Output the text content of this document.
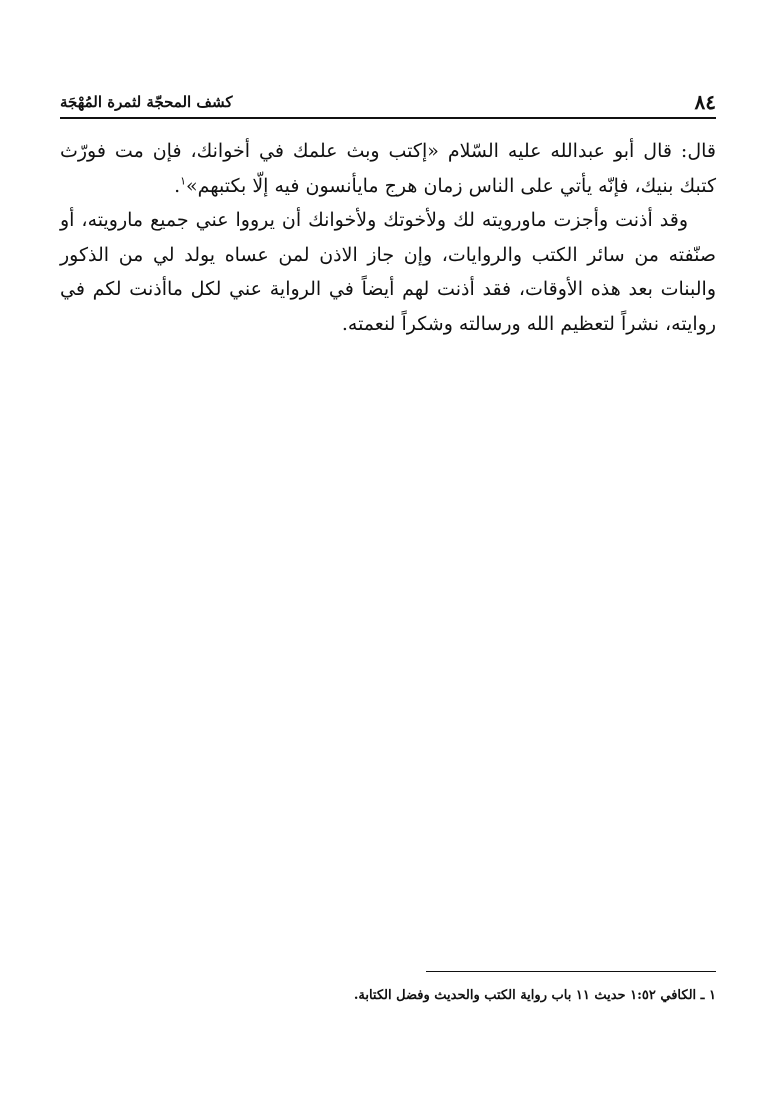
٨٤
كشف المحجّة لثمرة المُهْجَة

قال: قال أبو عبدالله عليه السّلام «إكتب وبث علمك في أخوانك، فإن مت فورّث كتبك بنيك، فإنّه يأتي على الناس زمان هرج مايأنسون فيه إلّا بكتبهم»$^١$.

وقد أذنت وأجزت ماورويته لك ولأخوتك ولأخوانك أن يرووا عني جميع مارويته، أو صنّفته من سائر الكتب والروايات، وإن جاز الاذن لمن عساه يولد لي من الذكور والبنات بعد هذه الأوقات، فقد أذنت لهم أيضاً في الرواية عني لكل ماأذنت لكم في روايته، نشراً لتعظيم الله ورسالته وشكراً لنعمته.

١ ـ الكافي ١:٥٢ حديث ١١ باب رواية الكتب والحديث وفضل الكتابة.
